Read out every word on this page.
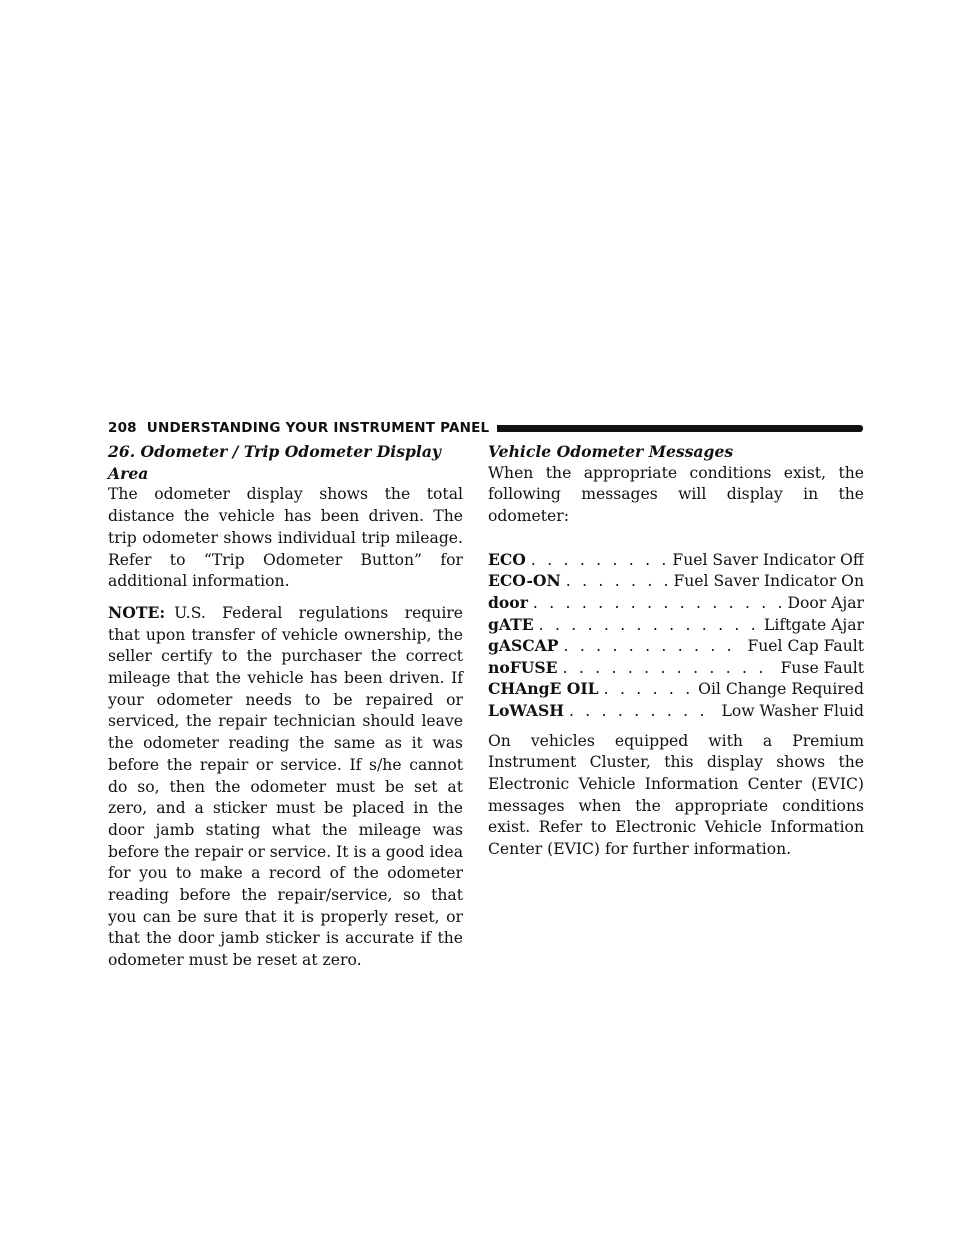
208 UNDERSTANDING YOUR INSTRUMENT PANEL
26. Odometer / Trip Odometer Display Area

The odometer display shows the total distance the vehicle has been driven. The trip odometer shows individual trip mileage. Refer to “Trip Odometer Button” for additional information.

NOTE: U.S. Federal regulations require that upon transfer of vehicle ownership, the seller certify to the purchaser the correct mileage that the vehicle has been driven. If your odometer needs to be repaired or serviced, the repair technician should leave the odometer reading the same as it was before the repair or service. If s/he cannot do so, then the odometer must be set at zero, and a sticker must be placed in the door jamb stating what the mileage was before the repair or service. It is a good idea for you to make a record of the odometer reading before the repair/service, so that you can be sure that it is properly reset, or that the door jamb sticker is accurate if the odometer must be reset at zero.

Vehicle Odometer Messages

When the appropriate conditions exist, the following messages will display in the odometer:

ECO . . .	Fuel Saver Indicator Off
ECO-ON . . .	Fuel Saver Indicator On
door . . .	Door Ajar
gATE . . .	Liftgate Ajar
gASCAP . . .	Fuel Cap Fault
noFUSE . . .	Fuse Fault
CHAngE OIL . . .	Oil Change Required
LoWASH . . .	Low Washer Fluid

On vehicles equipped with a Premium Instrument Cluster, this display shows the Electronic Vehicle Information Center (EVIC) messages when the appropriate conditions exist. Refer to Electronic Vehicle Information Center (EVIC) for further information.
